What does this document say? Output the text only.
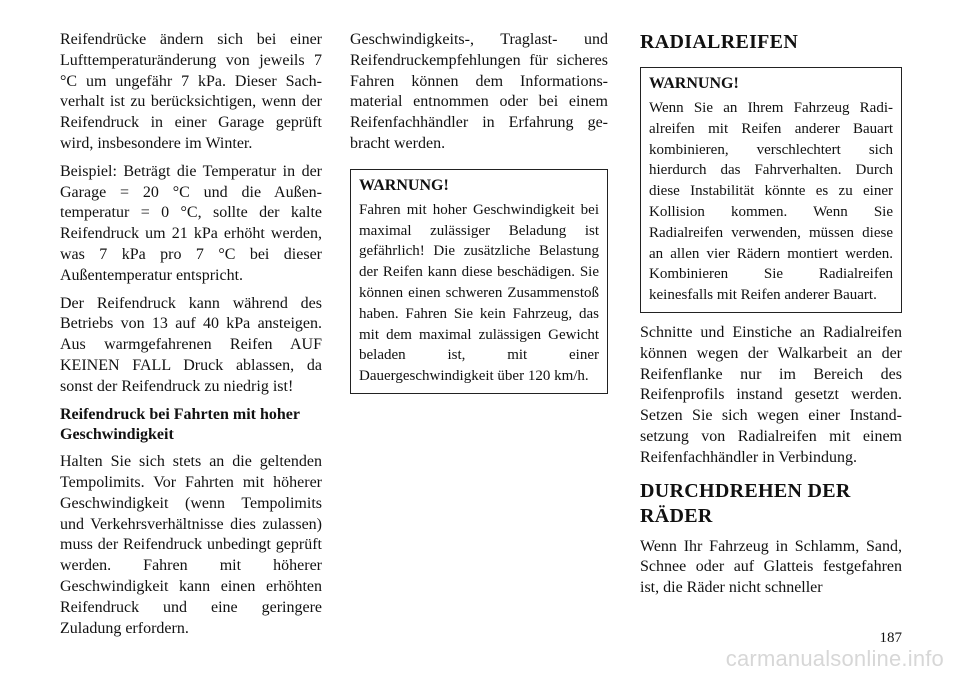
Reifendrücke ändern sich bei einer Lufttemperaturänderung von jeweils 7 °C um ungefähr 7 kPa. Dieser Sachverhalt ist zu berücksichtigen, wenn der Reifendruck in einer Garage geprüft wird, insbesondere im Winter.

Beispiel: Beträgt die Temperatur in der Garage = 20 °C und die Außentemperatur = 0 °C, sollte der kalte Reifendruck um 21 kPa erhöht werden, was 7 kPa pro 7 °C bei dieser Außentemperatur entspricht.

Der Reifendruck kann während des Betriebs von 13 auf 40 kPa ansteigen. Aus warmgefahrenen Reifen AUF KEINEN FALL Druck ablassen, da sonst der Reifendruck zu niedrig ist!

Reifendruck bei Fahrten mit hoher Geschwindigkeit

Halten Sie sich stets an die geltenden Tempolimits. Vor Fahrten mit höherer Geschwindigkeit (wenn Tempolimits und Verkehrsverhältnisse dies zulassen) muss der Reifendruck unbedingt geprüft werden. Fahren mit höherer Geschwindigkeit kann einen erhöhten Reifendruck und eine geringere Zuladung erfordern.

Geschwindigkeits-, Traglast- und Reifendruckempfehlungen für sicheres Fahren können dem Informationsmaterial entnommen oder bei einem Reifenfachhändler in Erfahrung gebracht werden.

WARNUNG!

Fahren mit hoher Geschwindigkeit bei maximal zulässiger Beladung ist gefährlich! Die zusätzliche Belastung der Reifen kann diese beschädigen. Sie können einen schweren Zusammenstoß haben. Fahren Sie kein Fahrzeug, das mit dem maximal zulässigen Gewicht beladen ist, mit einer Dauergeschwindigkeit über 120 km/h.

RADIALREIFEN
WARNUNG!

Wenn Sie an Ihrem Fahrzeug Radialreifen mit Reifen anderer Bauart kombinieren, verschlechtert sich hierdurch das Fahrverhalten. Durch diese Instabilität könnte es zu einer Kollision kommen. Wenn Sie Radialreifen verwenden, müssen diese an allen vier Rädern montiert werden. Kombinieren Sie Radialreifen keinesfalls mit Reifen anderer Bauart.

Schnitte und Einstiche an Radialreifen können wegen der Walkarbeit an der Reifenflanke nur im Bereich des Reifenprofils instand gesetzt werden. Setzen Sie sich wegen einer Instandsetzung von Radialreifen mit einem Reifenfachhändler in Verbindung.

DURCHDREHEN DER RÄDER

Wenn Ihr Fahrzeug in Schlamm, Sand, Schnee oder auf Glatteis festgefahren ist, die Räder nicht schneller

187
carmanualsonline.info
